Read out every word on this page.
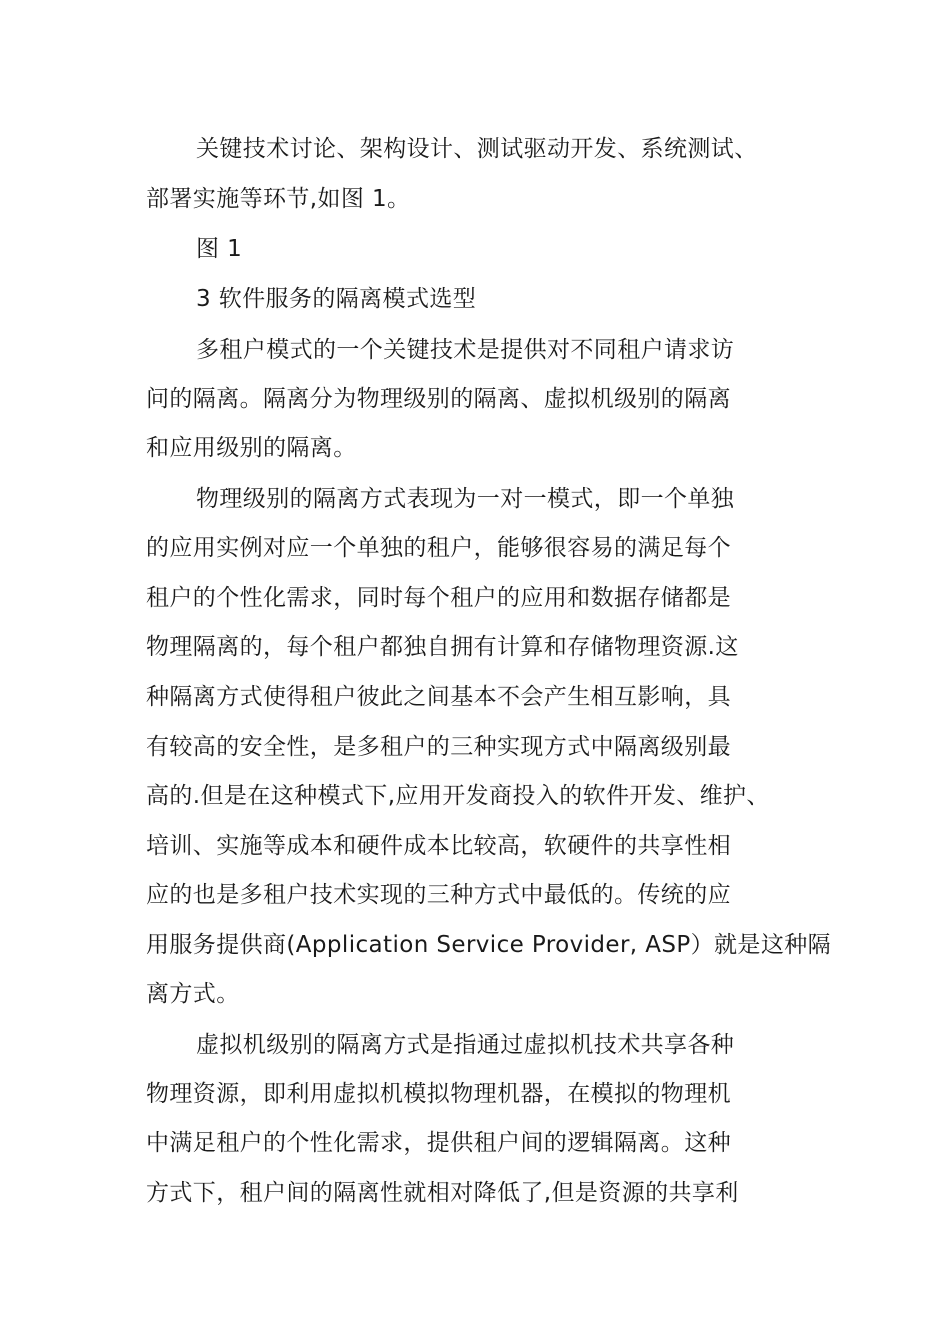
关键技术讨论、架构设计、测试驱动开发、系统测试、
部署实施等环节,如图 1。
图 1
3 软件服务的隔离模式选型
多租户模式的一个关键技术是提供对不同租户请求访
问的隔离。隔离分为物理级别的隔离、虚拟机级别的隔离
和应用级别的隔离。
物理级别的隔离方式表现为一对一模式，即一个单独
的应用实例对应一个单独的租户，能够很容易的满足每个
租户的个性化需求，同时每个租户的应用和数据存储都是
物理隔离的，每个租户都独自拥有计算和存储物理资源.这
种隔离方式使得租户彼此之间基本不会产生相互影响，具
有较高的安全性，是多租户的三种实现方式中隔离级别最
高的.但是在这种模式下,应用开发商投入的软件开发、维护、
培训、实施等成本和硬件成本比较高，软硬件的共享性相
应的也是多租户技术实现的三种方式中最低的。传统的应
用服务提供商(Application Service Provider, ASP）就是这种隔
离方式。
虚拟机级别的隔离方式是指通过虚拟机技术共享各种
物理资源，即利用虚拟机模拟物理机器，在模拟的物理机
中满足租户的个性化需求，提供租户间的逻辑隔离。这种
方式下，租户间的隔离性就相对降低了,但是资源的共享利
